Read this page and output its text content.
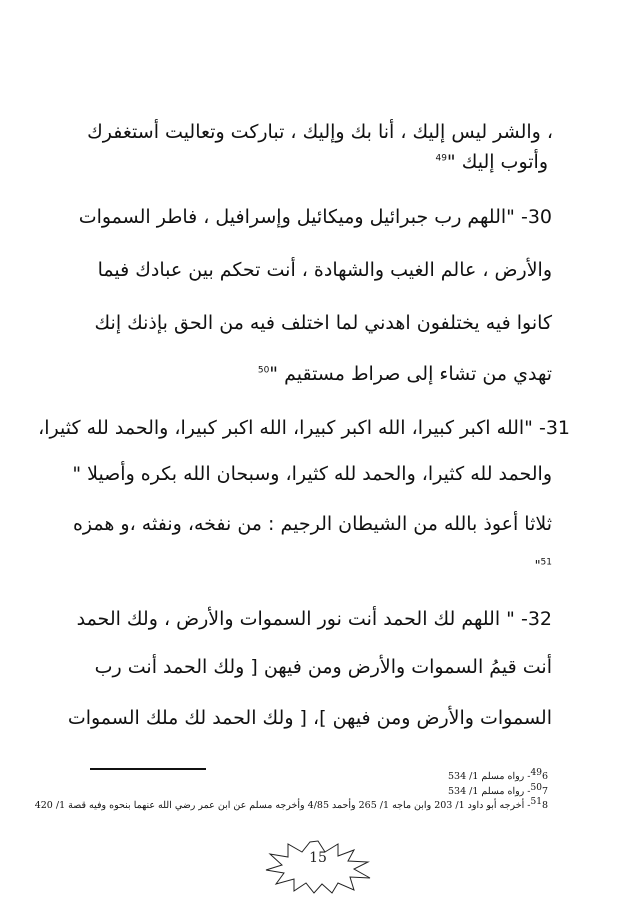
، والشر ليس إليك ، أنا بك وإليك ، تباركت وتعاليت أستغفرك
وأتوب إليك "$^{49}$
30- "اللهم رب جبرائيل وميكائيل وإسرافيل ، فاطر السموات
والأرض ، عالم الغيب والشهادة ، أنت تحكم بين عبادك فيما
كانوا فيه يختلفون اهدني لما اختلف فيه من الحق بإذنك إنك
تهدي من تشاء إلى صراط مستقيم "$^{50}$
31- "الله اكبر كبيرا، الله اكبر كبيرا، الله اكبر كبيرا، والحمد لله كثيرا،
والحمد لله كثيرا، والحمد لله كثيرا، وسبحان الله بكره وأصيلا "
ثلاثا أعوذ بالله من الشيطان الرجيم : من نفخه، ونفثه ،و همزه
"$^{51}$
32- " اللهم لك الحمد أنت نور السموات والأرض ، ولك الحمد
أنت قيمُ السموات والأرض ومن فيهن [ ولك الحمد أنت رب
السموات والأرض ومن فيهن ]، [ ولك الحمد لك ملك السموات
$^{49}$6- رواه مسلم 1/ 534
$^{50}$7- رواه مسلم 1/ 534
$^{51}$8- أخرجه أبو داود 1/ 203 وابن ماجه 1/ 265 وأحمد 4/85 وأخرجه مسلم عن ابن عمر رضي الله عنهما بنحوه وفيه قصة 1/ 420
15
